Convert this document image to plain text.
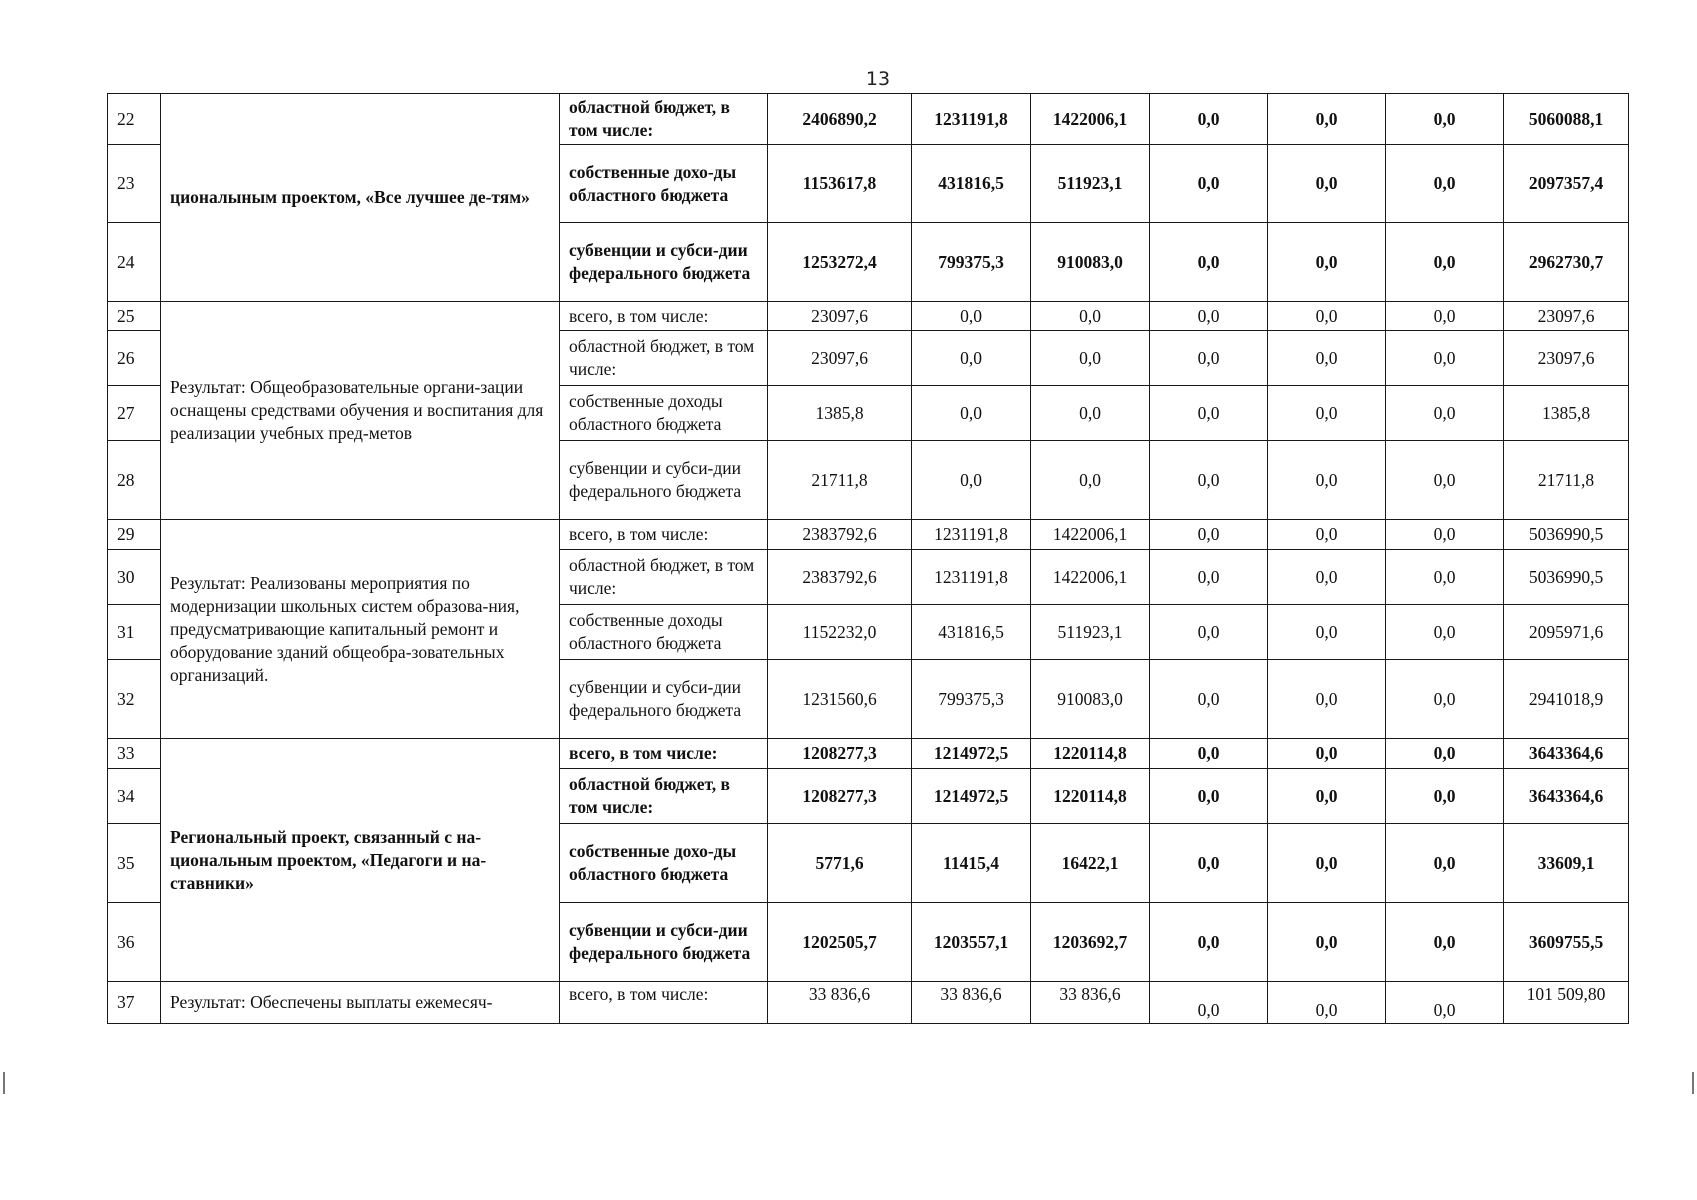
13
22	ционалыным проектом, «Все лучшее де-тям»	областной бюджет, в том числе:	2406890,2	1231191,8	1422006,1	0,0	0,0	0,0	5060088,1
23		собственные дохо-ды областного бюджета	1153617,8	431816,5	511923,1	0,0	0,0	0,0	2097357,4
24		субвенции и субси-дии федерального бюджета	1253272,4	799375,3	910083,0	0,0	0,0	0,0	2962730,7
25	Результат: Общеобразовательные органи-зации оснащены средствами обучения и воспитания для реализации учебных пред-метов	всего, в том числе:	23097,6	0,0	0,0	0,0	0,0	0,0	23097,6
26		областной бюджет, в том числе:	23097,6	0,0	0,0	0,0	0,0	0,0	23097,6
27		собственные доходы областного бюджета	1385,8	0,0	0,0	0,0	0,0	0,0	1385,8
28		субвенции и субси-дии федерального бюджета	21711,8	0,0	0,0	0,0	0,0	0,0	21711,8
29	Результат: Реализованы мероприятия по модернизации школьных систем образова-ния, предусматривающие капитальный ремонт и оборудование зданий общеобра-зовательных организаций.	всего, в том числе:	2383792,6	1231191,8	1422006,1	0,0	0,0	0,0	5036990,5
30		областной бюджет, в том числе:	2383792,6	1231191,8	1422006,1	0,0	0,0	0,0	5036990,5
31		собственные доходы областного бюджета	1152232,0	431816,5	511923,1	0,0	0,0	0,0	2095971,6
32		субвенции и субси-дии федерального бюджета	1231560,6	799375,3	910083,0	0,0	0,0	0,0	2941018,9
33	Региональный проект, связанный с на-циональным проектом, «Педагоги и на-ставники»	всего, в том числе:	1208277,3	1214972,5	1220114,8	0,0	0,0	0,0	3643364,6
34		областной бюджет, в том числе:	1208277,3	1214972,5	1220114,8	0,0	0,0	0,0	3643364,6
35		собственные дохо-ды областного бюджета	5771,6	11415,4	16422,1	0,0	0,0	0,0	33609,1
36		субвенции и субси-дии федерального бюджета	1202505,7	1203557,1	1203692,7	0,0	0,0	0,0	3609755,5
37	Результат: Обеспечены выплаты ежемесяч-	всего, в том числе:	33 836,6	33 836,6	33 836,6	0,0	0,0	0,0	101 509,80
